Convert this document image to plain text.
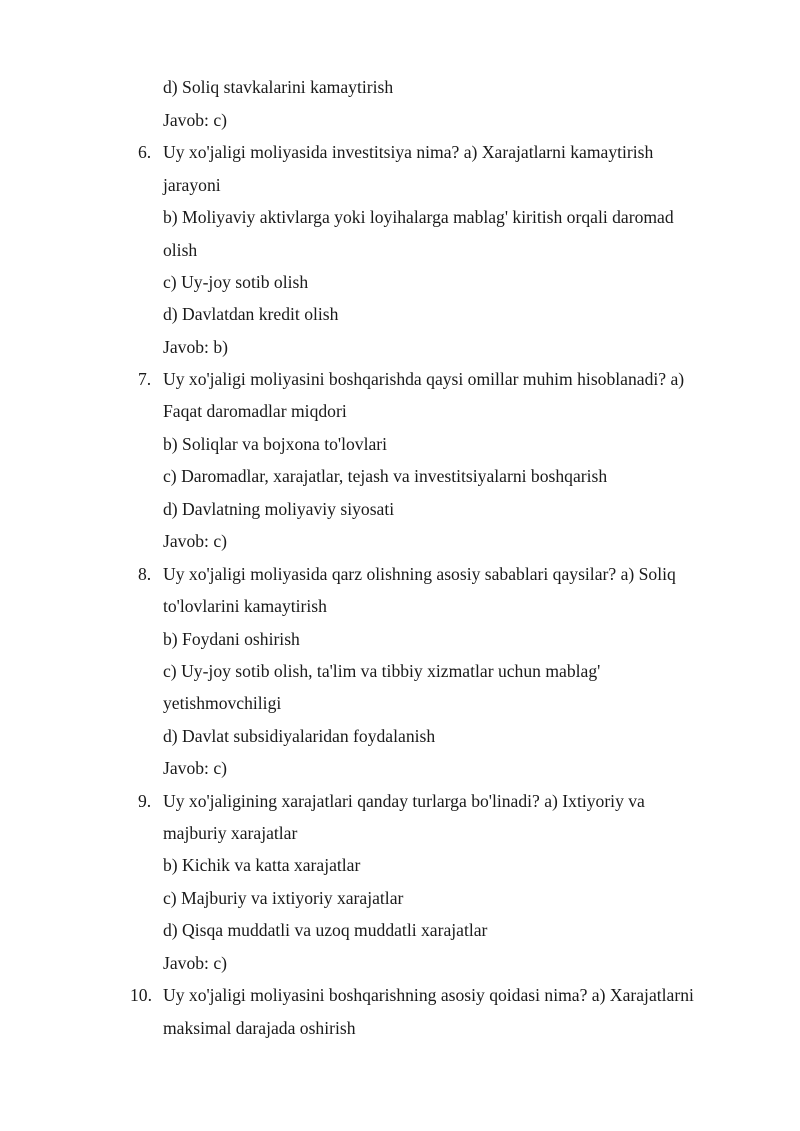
d) Soliq stavkalarini kamaytirish
Javob: c)
6. Uy xo'jaligi moliyasida investitsiya nima? a) Xarajatlarni kamaytirish
jarayoni
b) Moliyaviy aktivlarga yoki loyihalarga mablag' kiritish orqali daromad
olish
c) Uy-joy sotib olish
d) Davlatdan kredit olish
Javob: b)
7. Uy xo'jaligi moliyasini boshqarishda qaysi omillar muhim hisoblanadi? a)
Faqat daromadlar miqdori
b) Soliqlar va bojxona to'lovlari
c) Daromadlar, xarajatlar, tejash va investitsiyalarni boshqarish
d) Davlatning moliyaviy siyosati
Javob: c)
8. Uy xo'jaligi moliyasida qarz olishning asosiy sabablari qaysilar? a) Soliq
to'lovlarini kamaytirish
b) Foydani oshirish
c) Uy-joy sotib olish, ta'lim va tibbiy xizmatlar uchun mablag'
yetishmovchiligi
d) Davlat subsidiyalaridan foydalanish
Javob: c)
9. Uy xo'jaligining xarajatlari qanday turlarga bo'linadi? a) Ixtiyoriy va
majburiy xarajatlar
b) Kichik va katta xarajatlar
c) Majburiy va ixtiyoriy xarajatlar
d) Qisqa muddatli va uzoq muddatli xarajatlar
Javob: c)
10. Uy xo'jaligi moliyasini boshqarishning asosiy qoidasi nima? a) Xarajatlarni
maksimal darajada oshirish
